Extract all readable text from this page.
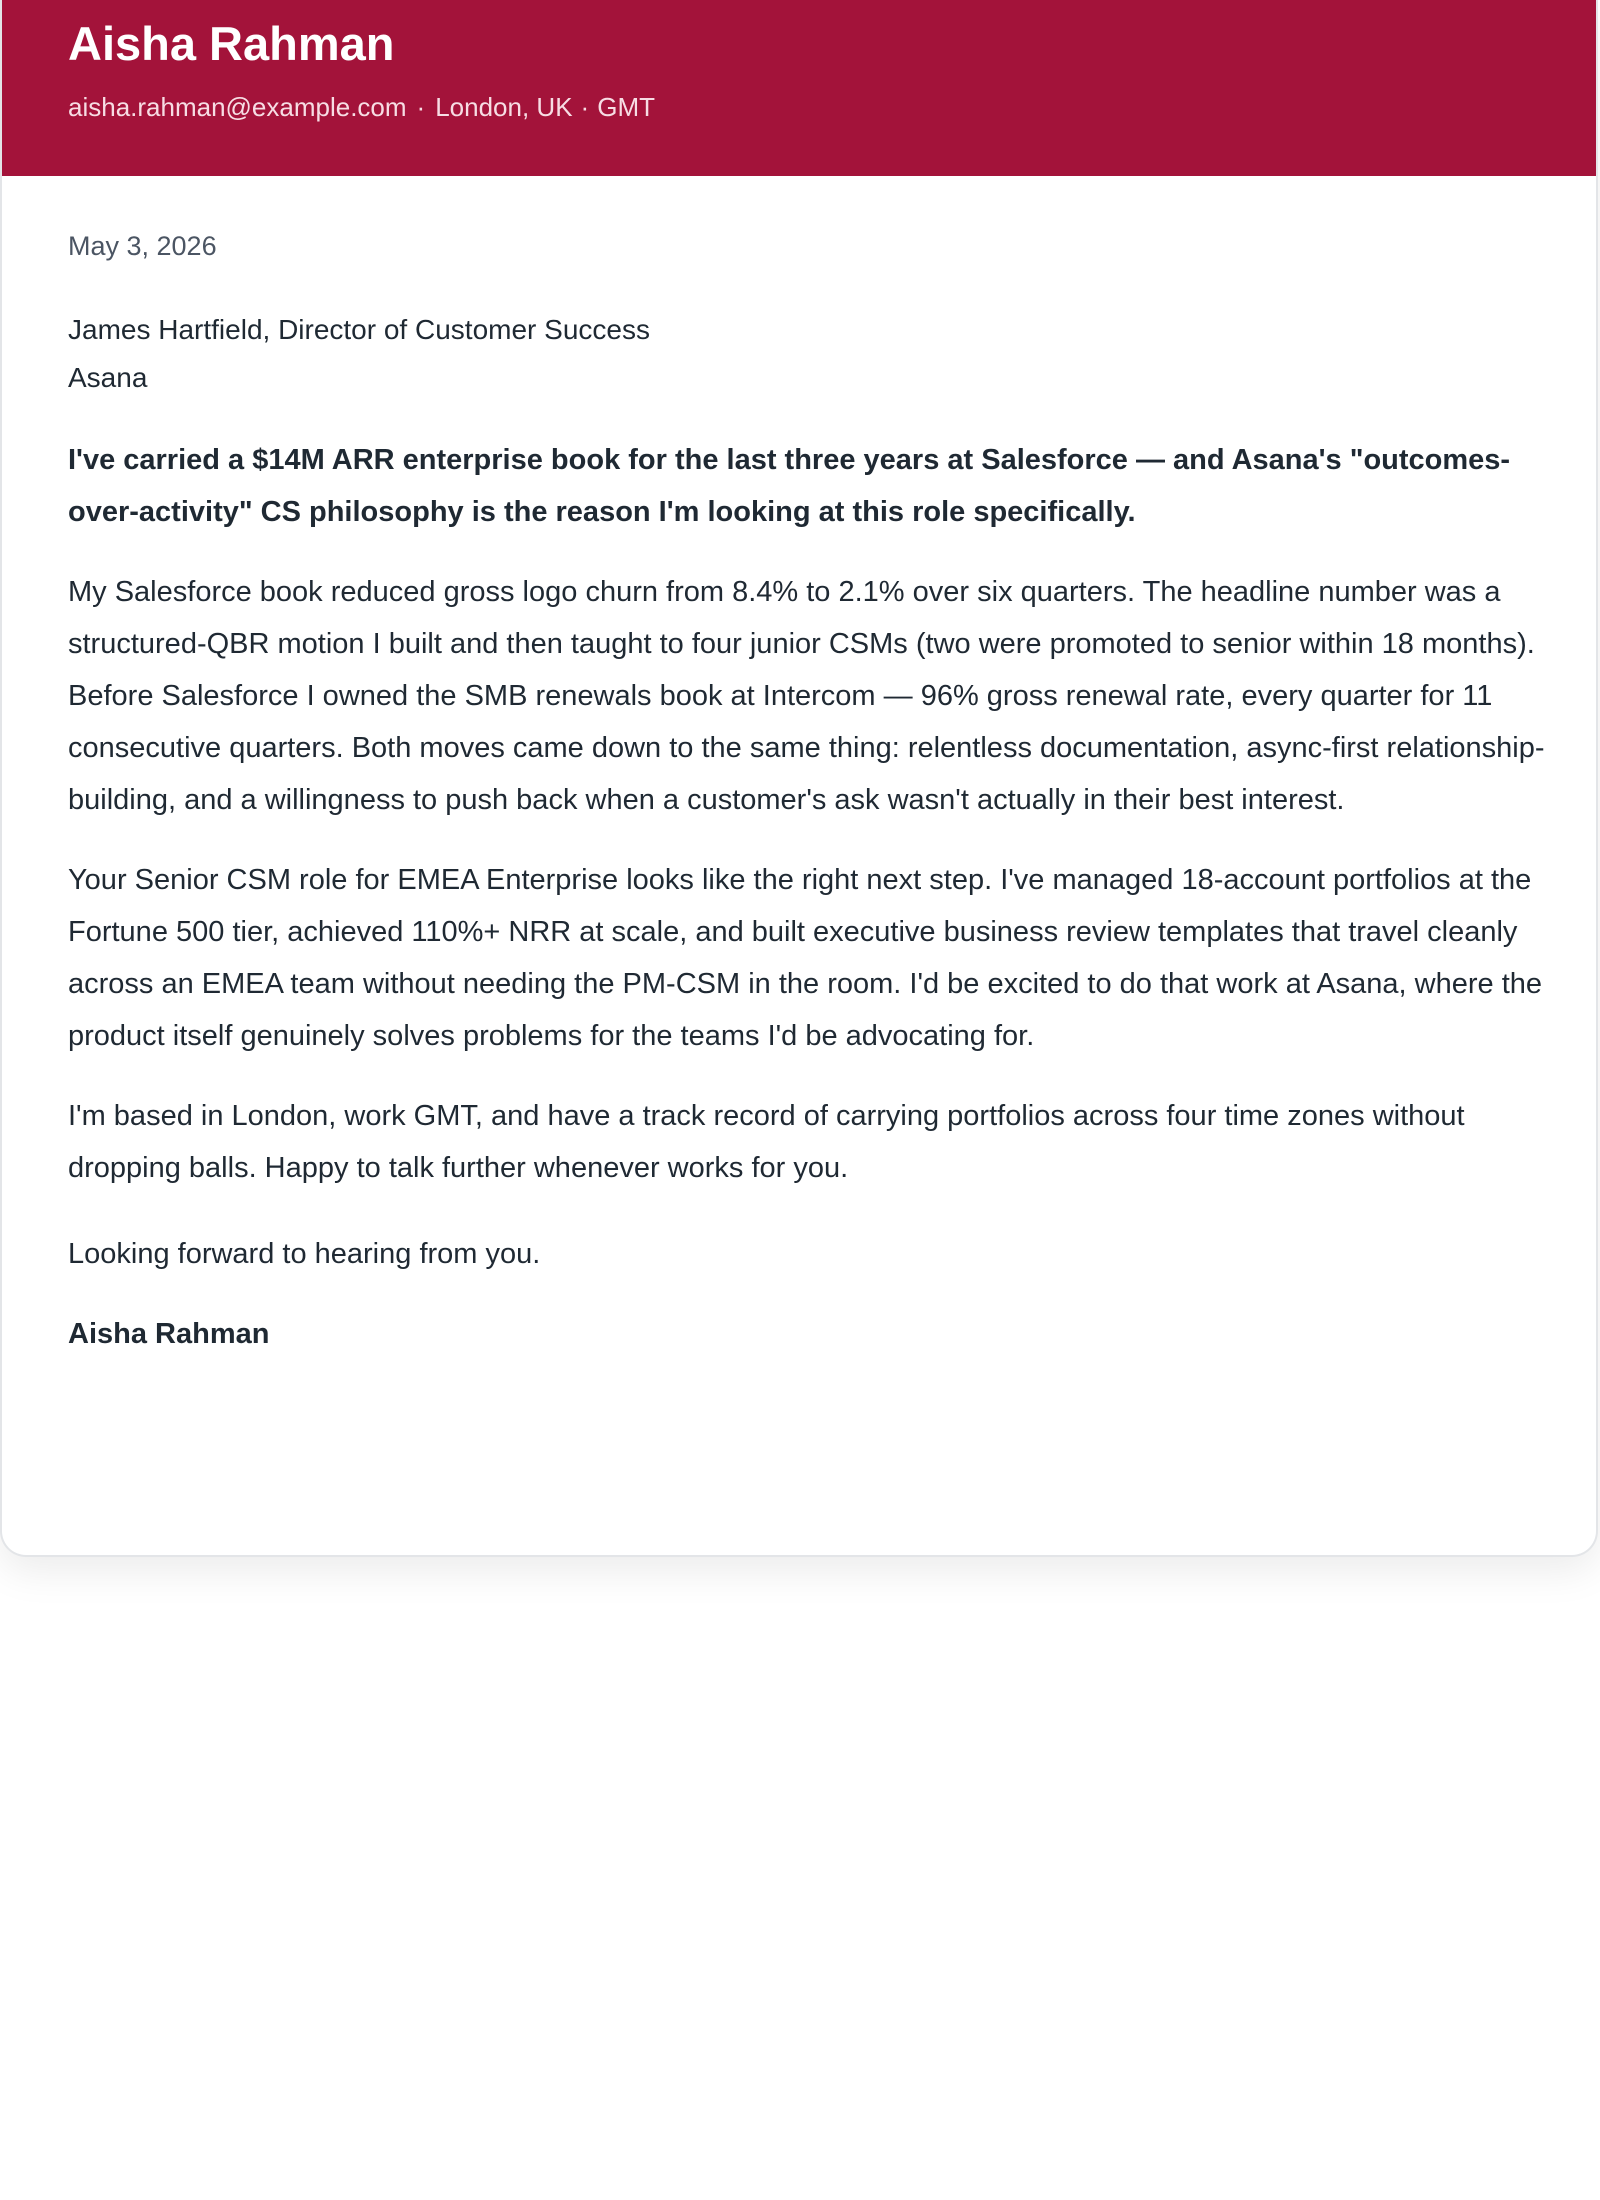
Aisha Rahman
aisha.rahman@example.com · London, UK · GMT
May 3, 2026
James Hartfield, Director of Customer Success
Asana

I've carried a $14M ARR enterprise book for the last three years at Salesforce — and Asana's "outcomes-over-activity" CS philosophy is the reason I'm looking at this role specifically.

My Salesforce book reduced gross logo churn from 8.4% to 2.1% over six quarters. The headline number was a structured-QBR motion I built and then taught to four junior CSMs (two were promoted to senior within 18 months). Before Salesforce I owned the SMB renewals book at Intercom — 96% gross renewal rate, every quarter for 11 consecutive quarters. Both moves came down to the same thing: relentless documentation, async-first relationship-building, and a willingness to push back when a customer's ask wasn't actually in their best interest.

Your Senior CSM role for EMEA Enterprise looks like the right next step. I've managed 18-account portfolios at the Fortune 500 tier, achieved 110%+ NRR at scale, and built executive business review templates that travel cleanly across an EMEA team without needing the PM-CSM in the room. I'd be excited to do that work at Asana, where the product itself genuinely solves problems for the teams I'd be advocating for.

I'm based in London, work GMT, and have a track record of carrying portfolios across four time zones without dropping balls. Happy to talk further whenever works for you.

Looking forward to hearing from you.

Aisha Rahman
